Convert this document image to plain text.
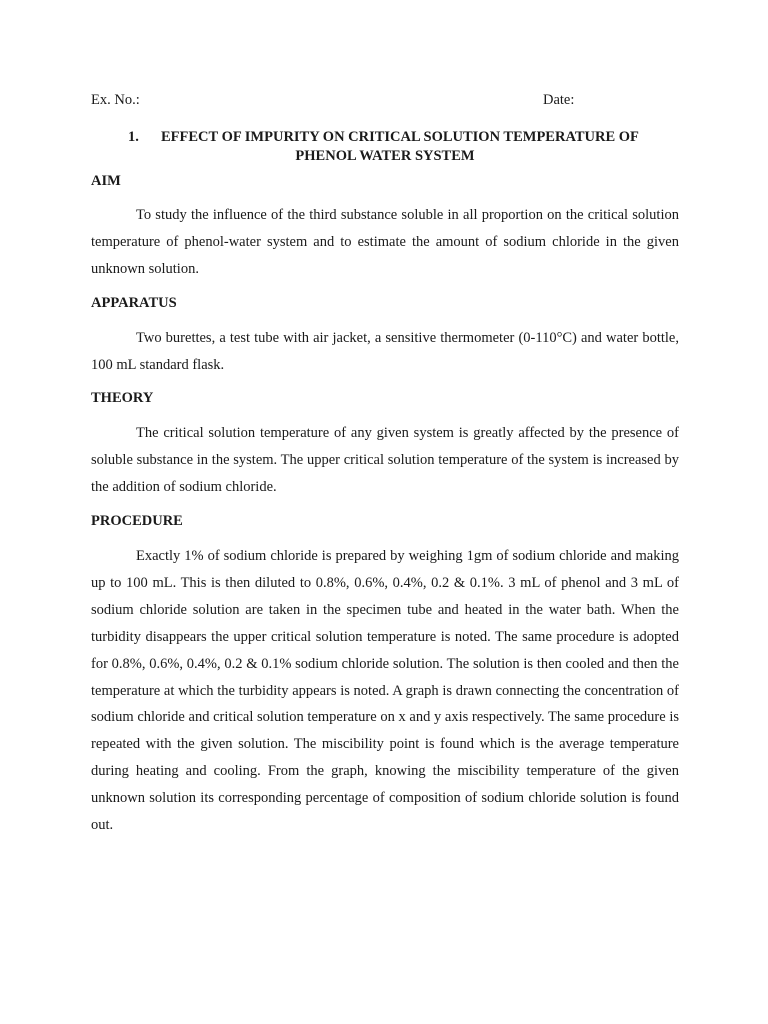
Ex. No.:	Date:
1. EFFECT OF IMPURITY ON CRITICAL SOLUTION TEMPERATURE OF
PHENOL WATER SYSTEM
AIM

To study the influence of the third substance soluble in all proportion on the critical solution temperature of phenol-water system and to estimate the amount of sodium chloride in the given unknown solution.

APPARATUS

Two burettes, a test tube with air jacket, a sensitive thermometer (0-110°C) and water bottle, 100 mL standard flask.

THEORY

The critical solution temperature of any given system is greatly affected by the presence of soluble substance in the system. The upper critical solution temperature of the system is increased by the addition of sodium chloride.

PROCEDURE

Exactly 1% of sodium chloride is prepared by weighing 1gm of sodium chloride and making up to 100 mL. This is then diluted to 0.8%, 0.6%, 0.4%, 0.2 & 0.1%. 3 mL of phenol and 3 mL of sodium chloride solution are taken in the specimen tube and heated in the water bath. When the turbidity disappears the upper critical solution temperature is noted. The same procedure is adopted for 0.8%, 0.6%, 0.4%, 0.2 & 0.1% sodium chloride solution. The solution is then cooled and then the temperature at which the turbidity appears is noted. A graph is drawn connecting the concentration of sodium chloride and critical solution temperature on x and y axis respectively. The same procedure is repeated with the given solution. The miscibility point is found which is the average temperature during heating and cooling. From the graph, knowing the miscibility temperature of the given unknown solution its corresponding percentage of composition of sodium chloride solution is found out.
